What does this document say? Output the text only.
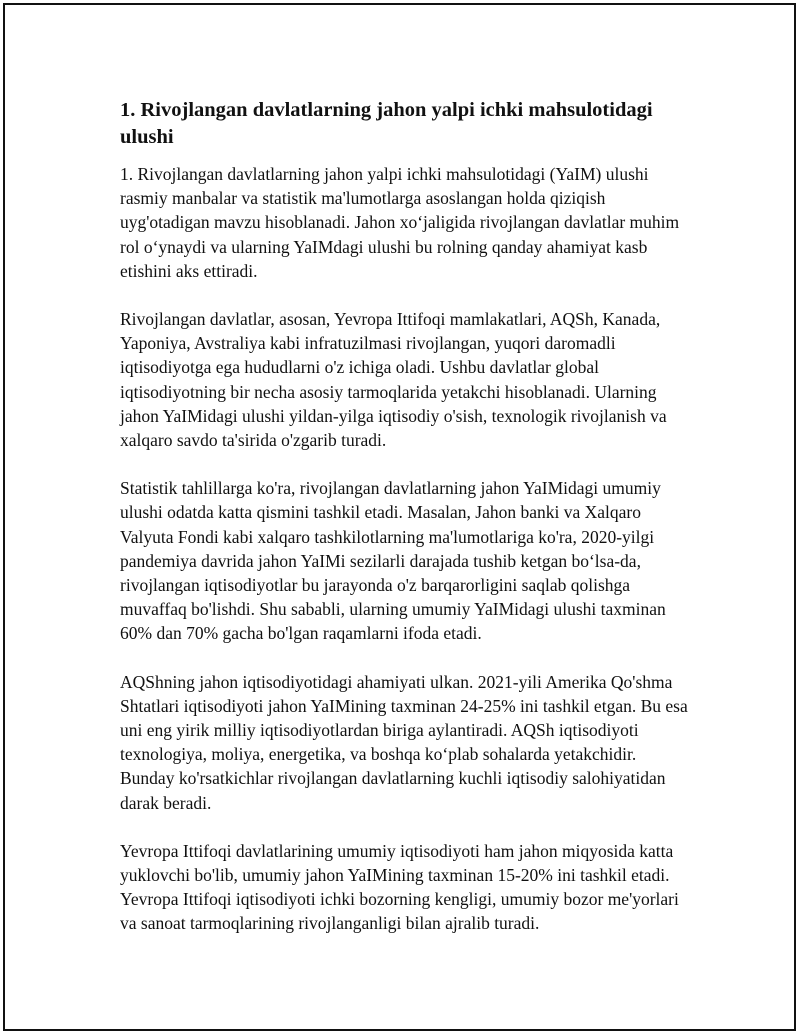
1. Rivojlangan davlatlarning jahon yalpi ichki mahsulotidagi ulushi

1. Rivojlangan davlatlarning jahon yalpi ichki mahsulotidagi (YaIM) ulushi rasmiy manbalar va statistik ma'lumotlarga asoslangan holda qiziqish uyg'otadigan mavzu hisoblanadi. Jahon xo‘jaligida rivojlangan davlatlar muhim rol o‘ynaydi va ularning YaIMdagi ulushi bu rolning qanday ahamiyat kasb etishini aks ettiradi.

Rivojlangan davlatlar, asosan, Yevropa Ittifoqi mamlakatlari, AQSh, Kanada, Yaponiya, Avstraliya kabi infratuzilmasi rivojlangan, yuqori daromadli iqtisodiyotga ega hududlarni o'z ichiga oladi. Ushbu davlatlar global iqtisodiyotning bir necha asosiy tarmoqlarida yetakchi hisoblanadi. Ularning jahon YaIMidagi ulushi yildan-yilga iqtisodiy o'sish, texnologik rivojlanish va xalqaro savdo ta'sirida o'zgarib turadi.

Statistik tahlillarga ko'ra, rivojlangan davlatlarning jahon YaIMidagi umumiy ulushi odatda katta qismini tashkil etadi. Masalan, Jahon banki va Xalqaro Valyuta Fondi kabi xalqaro tashkilotlarning ma'lumotlariga ko'ra, 2020-yilgi pandemiya davrida jahon YaIMi sezilarli darajada tushib ketgan bo‘lsa-da, rivojlangan iqtisodiyotlar bu jarayonda o'z barqarorligini saqlab qolishga muvaffaq bo'lishdi. Shu sababli, ularning umumiy YaIMidagi ulushi taxminan 60% dan 70% gacha bo'lgan raqamlarni ifoda etadi.

AQShning jahon iqtisodiyotidagi ahamiyati ulkan. 2021-yili Amerika Qo'shma Shtatlari iqtisodiyoti jahon YaIMining taxminan 24-25% ini tashkil etgan. Bu esa uni eng yirik milliy iqtisodiyotlardan biriga aylantiradi. AQSh iqtisodiyoti texnologiya, moliya, energetika, va boshqa ko‘plab sohalarda yetakchidir. Bunday ko'rsatkichlar rivojlangan davlatlarning kuchli iqtisodiy salohiyatidan darak beradi.

Yevropa Ittifoqi davlatlarining umumiy iqtisodiyoti ham jahon miqyosida katta yuklovchi bo'lib, umumiy jahon YaIMining taxminan 15-20% ini tashkil etadi. Yevropa Ittifoqi iqtisodiyoti ichki bozorning kengligi, umumiy bozor me'yorlari va sanoat tarmoqlarining rivojlanganligi bilan ajralib turadi.
